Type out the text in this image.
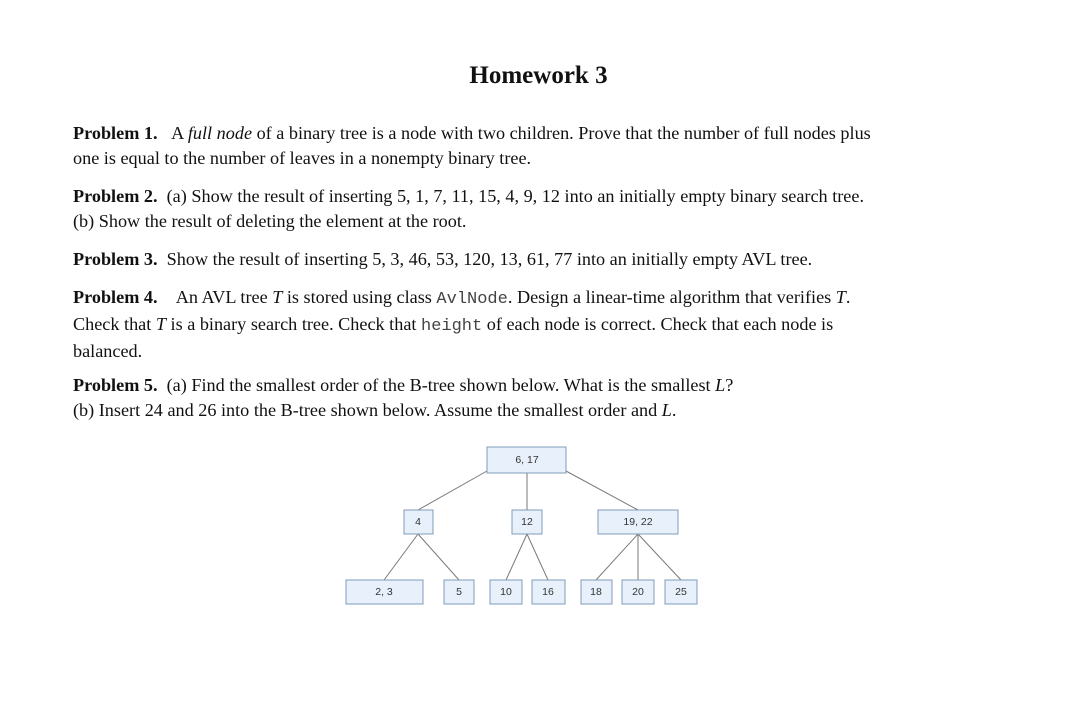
Homework 3
Problem 1. A full node of a binary tree is a node with two children. Prove that the number of full nodes plus
one is equal to the number of leaves in a nonempty binary tree.
Problem 2. (a) Show the result of inserting 5, 1, 7, 11, 15, 4, 9, 12 into an initially empty binary search tree.
(b) Show the result of deleting the element at the root.
Problem 3. Show the result of inserting 5, 3, 46, 53, 120, 13, 61, 77 into an initially empty AVL tree.
Problem 4. An AVL tree T is stored using class AvlNode. Design a linear-time algorithm that verifies T.
Check that T is a binary search tree. Check that height of each node is correct. Check that each node is
balanced.
Problem 5. (a) Find the smallest order of the B-tree shown below. What is the smallest L?
(b) Insert 24 and 26 into the B-tree shown below. Assume the smallest order and L.
6, 17
4	12	19, 22
2, 3	5	10	16	18	20	25
